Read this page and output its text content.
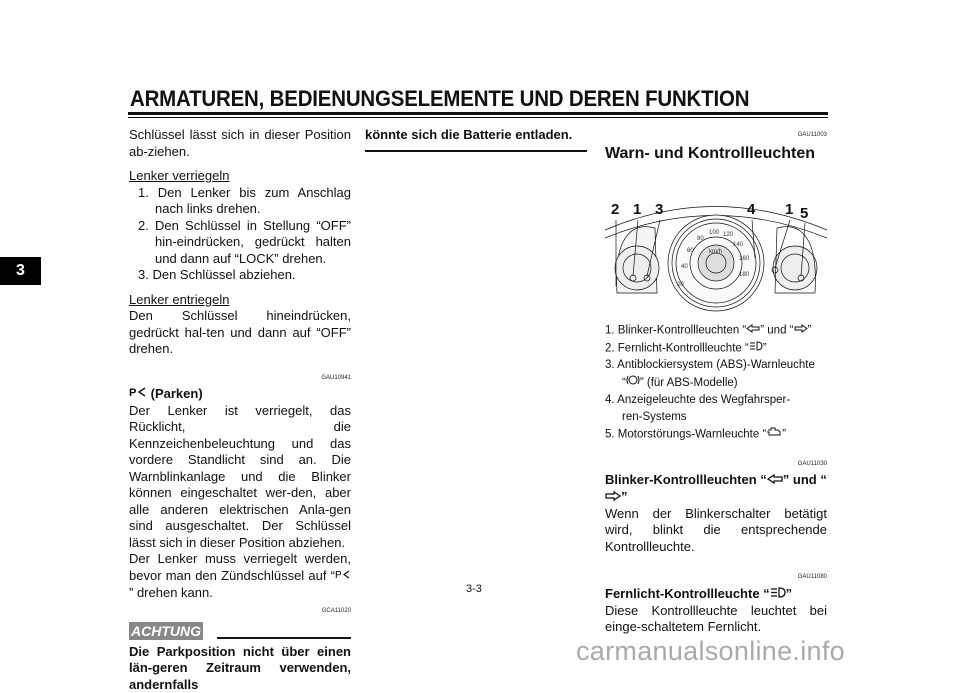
ARMATUREN, BEDIENUNGSELEMENTE UND DEREN FUNKTION
3

Schlüssel lässt sich in dieser Position ab-ziehen.

Lenker verriegeln
1. Den Lenker bis zum Anschlag nach links drehen.
2. Den Schlüssel in Stellung “OFF” hin-eindrücken, gedrückt halten und dann auf “LOCK” drehen.
3. Den Schlüssel abziehen.
Lenker entriegeln

Den Schlüssel hineindrücken, gedrückt hal-ten und dann auf “OFF” drehen.

GAU10941
P (Parken)

Der Lenker ist verriegelt, das Rücklicht, die Kennzeichenbeleuchtung und das vordere Standlicht sind an. Die Warnblinkanlage und die Blinker können eingeschaltet wer-den, aber alle anderen elektrischen Anla-gen sind ausgeschaltet. Der Schlüssel lässt sich in dieser Position abziehen.

Der Lenker muss verriegelt werden, bevor man den Zündschlüssel auf “ P
” drehen kann.

GCA11020
ACHTUNG

Die Parkposition nicht über einen län-geren Zeitraum verwenden, andernfalls

könnte sich die Batterie entladen.	GAU11003
Warn- und Kontrollleuchten
2 1 3	4 1 5
20
40
60
80
100 120
140
160
180
km/h
1. Blinker-Kontrollleuchten “ ” und “ ”
2. Fernlicht-Kontrollleuchte “ ”
3. Antiblockiersystem (ABS)-Warnleuchte
“ ” (für ABS-Modelle)
4. Anzeigeleuchte des Wegfahrsper-
ren-Systems
5. Motorstörungs-Warnleuchte “ ”
GAU11030
Blinker-Kontrollleuchten “ ” und “”

Wenn der Blinkerschalter betätigt wird, blinkt die entsprechende Kontrollleuchte.

GAU11080
Fernlicht-Kontrollleuchte “ ”

Diese Kontrollleuchte leuchtet bei einge-schaltetem Fernlicht.

3-3
carmanualsonline.info
